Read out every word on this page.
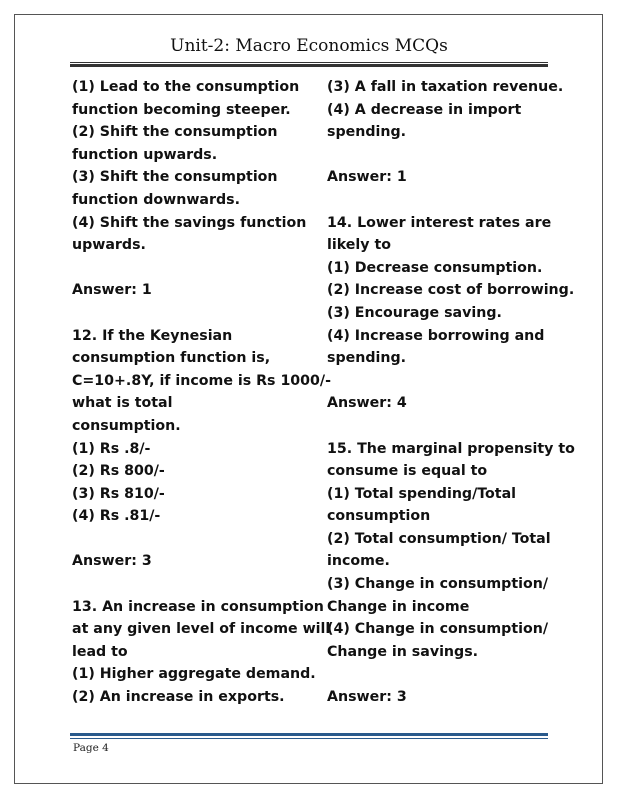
Unit-2: Macro Economics MCQs
(1) Lead to the consumption
function becoming steeper.
(2) Shift the consumption
function upwards.
(3) Shift the consumption
function downwards.
(4) Shift the savings function
upwards.
Answer: 1
12. If the Keynesian
consumption function is,
C=10+.8Y, if income is Rs 1000/-
what is total
consumption.
(1) Rs .8/-
(2) Rs 800/-
(3) Rs 810/-
(4) Rs .81/-
Answer: 3
13. An increase in consumption
at any given level of income will
lead to
(1) Higher aggregate demand.
(2) An increase in exports.
(3) A fall in taxation revenue.
(4) A decrease in import
spending.
Answer: 1
14. Lower interest rates are
likely to
(1) Decrease consumption.
(2) Increase cost of borrowing.
(3) Encourage saving.
(4) Increase borrowing and
spending.
Answer: 4
15. The marginal propensity to
consume is equal to
(1) Total spending/Total
consumption
(2) Total consumption/ Total
income.
(3) Change in consumption/
Change in income
(4) Change in consumption/
Change in savings.
Answer: 3
Page 4
